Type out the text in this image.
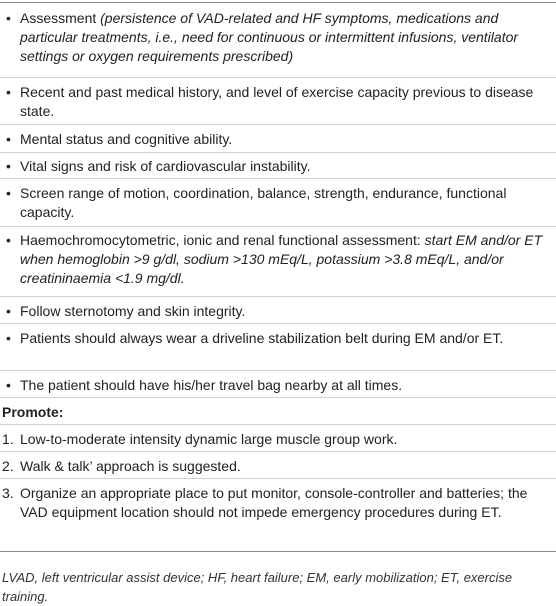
• Assessment (persistence of VAD-related and HF symptoms, medications and particular treatments, i.e., need for continuous or intermittent infusions, ventilator settings or oxygen requirements prescribed)
• Recent and past medical history, and level of exercise capacity previous to disease state.
• Mental status and cognitive ability.
• Vital signs and risk of cardiovascular instability.
• Screen range of motion, coordination, balance, strength, endurance, functional capacity.
• Haemochromocytometric, ionic and renal functional assessment: start EM and/or ET when hemoglobin >9 g/dl, sodium >130 mEq/L, potassium >3.8 mEq/L, and/or creatininaemia <1.9 mg/dl.
• Follow sternotomy and skin integrity.
• Patients should always wear a driveline stabilization belt during EM and/or ET.
• The patient should have his/her travel bag nearby at all times.
Promote:
1. Low-to-moderate intensity dynamic large muscle group work.
2. Walk & talk’ approach is suggested.
3. Organize an appropriate place to put monitor, console-controller and batteries; the VAD equipment location should not impede emergency procedures during ET.
LVAD, left ventricular assist device; HF, heart failure; EM, early mobilization; ET, exercise training.
